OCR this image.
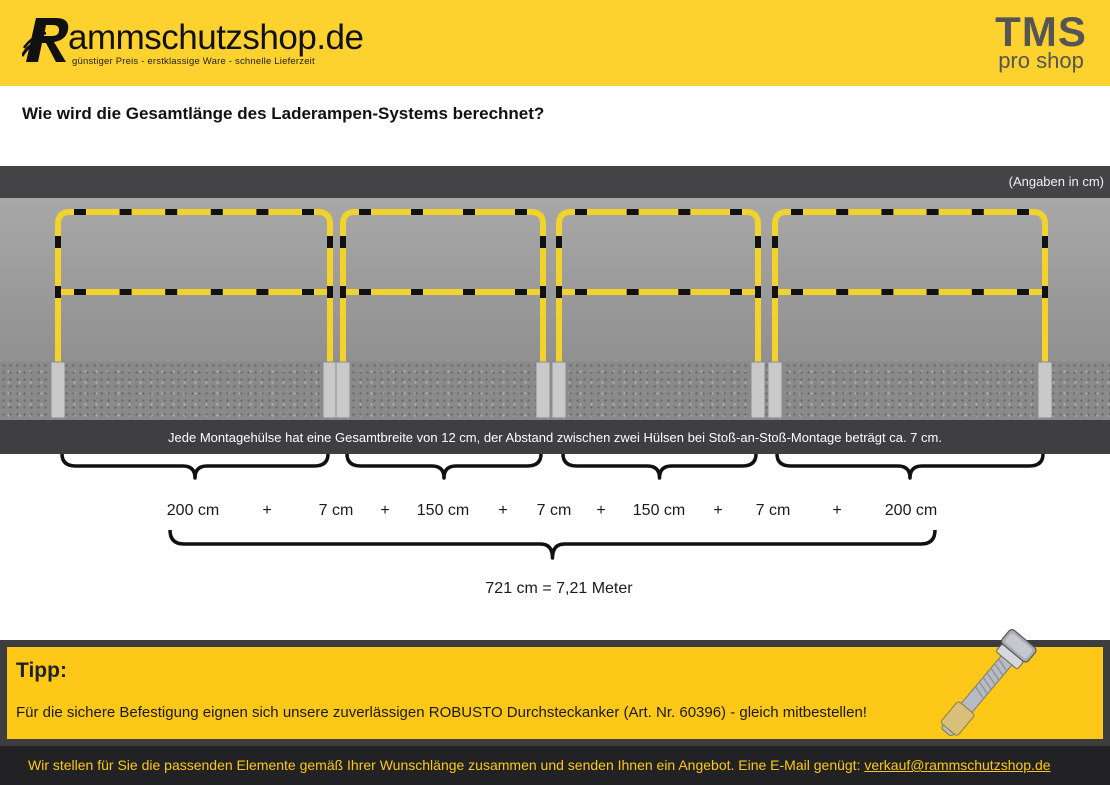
ammschutzshop.de
günstiger Preis - erstklassige Ware - schnelle Lieferzeit
TMS
pro shop
Wie wird die Gesamtlänge des Laderampen-Systems berechnet?
(Angaben in cm)
Jede Montagehülse hat eine Gesamtbreite von 12 cm, der Abstand zwischen zwei Hülsen bei Stoß-an-Stoß-Montage beträgt ca. 7 cm.
200 cm	+	7 cm + 150 cm + 7 cm + 150 cm + 7 cm	+	200 cm
721 cm = 7,21 Meter
Tipp:
Für die sichere Befestigung eignen sich unsere zuverlässigen ROBUSTO Durchsteckanker (Art. Nr. 60396) - gleich mitbestellen!
Wir stellen für Sie die passenden Elemente gemäß Ihrer Wunschlänge zusammen und senden Ihnen ein Angebot. Eine E-Mail genügt: verkauf@rammschutzshop.de
